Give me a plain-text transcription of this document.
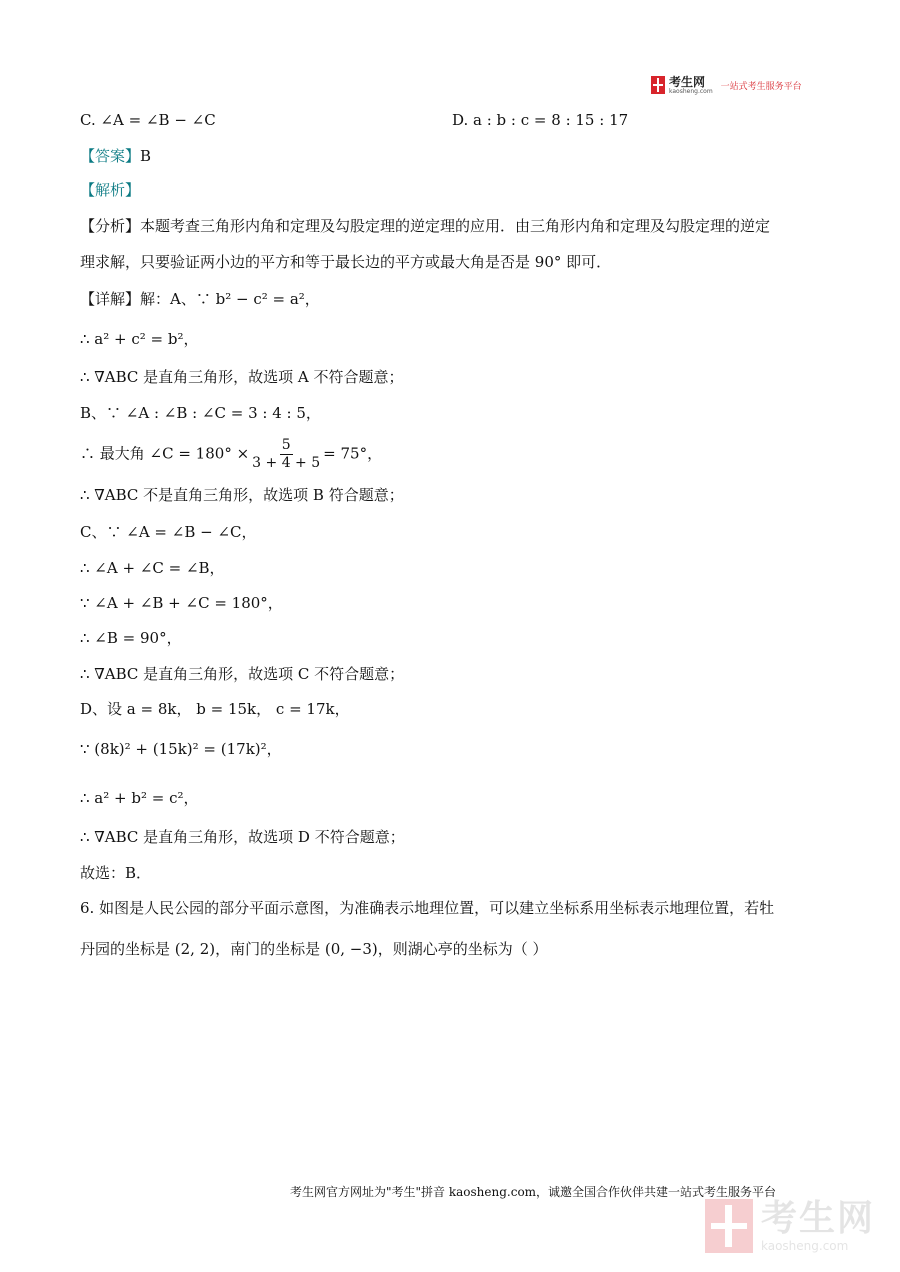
考生网
kaosheng.com 一站式考生服务平台
C. ∠A = ∠B − ∠C	D. a : b : c = 8 : 15 : 17
【答案】B
【解析】
【分析】本题考查三角形内角和定理及勾股定理的逆定理的应用．由三角形内角和定理及勾股定理的逆定
理求解，只要验证两小边的平方和等于最长边的平方或最大角是否是 90° 即可．
【详解】解：A、∵ b² − c² = a²，
∴ a² + c² = b²，
∴ ∇ABC 是直角三角形，故选项 A 不符合题意；
B、∵ ∠A : ∠B : ∠C = 3 : 4 : 5，
∴ 最大角 ∠C = $180^\circ \times \frac{5}{3 + 4 + 5} = 75^\circ$，
∴ ∇ABC 不是直角三角形，故选项 B 符合题意；
C、∵ ∠A = ∠B − ∠C，
∴ ∠A + ∠C = ∠B，
∵ ∠A + ∠B + ∠C = 180°，
∴ ∠B = 90°，
∴ ∇ABC 是直角三角形，故选项 C 不符合题意；
D、设 a = 8k， b = 15k， c = 17k，
∵ (8k)² + (15k)² = (17k)²，
∴ a² + b² = c²，
∴ ∇ABC 是直角三角形，故选项 D 不符合题意；
故选：B．
6. 如图是人民公园的部分平面示意图，为准确表示地理位置，可以建立坐标系用坐标表示地理位置，若牡
丹园的坐标是 (2, 2)，南门的坐标是 (0, −3)，则湖心亭的坐标为（ ）
考生网官方网址为"考生"拼音 kaosheng.com，诚邀全国合作伙伴共建一站式考生服务平台
考生网
kaosheng.com
